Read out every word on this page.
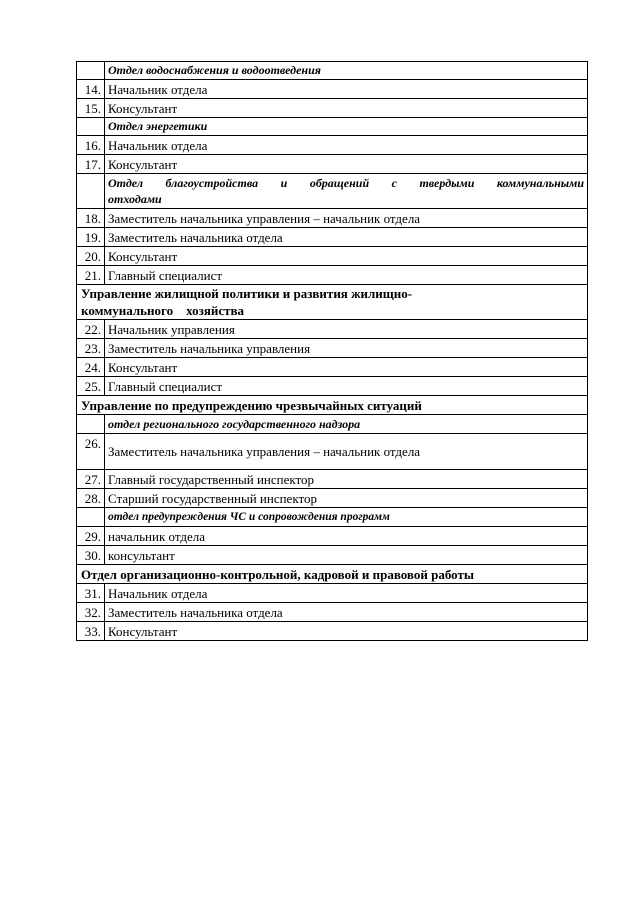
	Отдел водоснабжения и водоотведения
14.	Начальник отдела
15.	Консультант
	Отдел энергетики
16.	Начальник отдела
17.	Консультант

	Отдел благоустройства и обращений с твердыми коммунальными
отходами
18.	Заместитель начальника управления – начальник отдела
19.	Заместитель начальника отдела
20.	Консультант
21.	Главный специалист

Управление жилищной политики и развития жилищно-
коммунального    хозяйства	

22.	Начальник управления
23.	Заместитель начальника управления
24.	Консультант
25.	Главный специалист
Управление по предупреждению чрезвычайных ситуаций	
	отдел регионального государственного надзора
26.	Заместитель начальника управления – начальник отдела
27.	Главный государственный инспектор
28.	Старший государственный инспектор
	отдел предупреждения ЧС и сопровождения программ
29.	начальник отдела
30.	консультант
Отдел организационно-контрольной, кадровой и правовой работы	
31.	Начальник отдела
32.	Заместитель начальника отдела
33.	Консультант
